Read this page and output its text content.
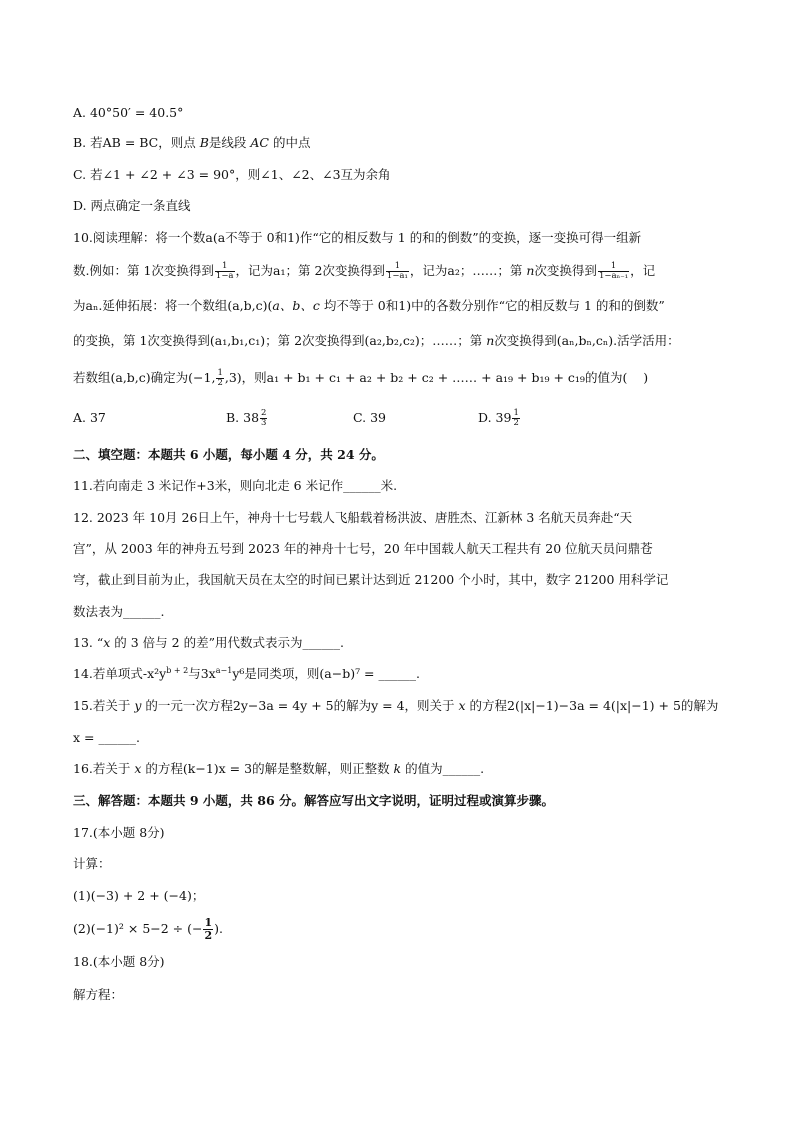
A. 40°50′ = 40.5°
B. 若AB = BC，则点 B是线段 AC 的中点
C. 若∠1 + ∠2 + ∠3 = 90°，则∠1、∠2、∠3互为余角
D. 两点确定一条直线
10.阅读理解：将一个数a(a不等于 0和1)作“它的相反数与 1 的和的倒数”的变换，逐一变换可得一组新
数.例如：第 1次变换得到 $\frac{1}{1-a}$ ，记为a₁；第 2次变换得到 $\frac{1}{\text{1−a₁}}$ ，记为a₂；……；第 n次变换得到 $\frac{1}{\text{1−aₙ₋₁}}$ ，记
为aₙ.延伸拓展：将一个数组(a,b,c)(a、b、c 均不等于 0和1)中的各数分别作“它的相反数与 1 的和的倒数”
的变换，第 1次变换得到(a₁,b₁,c₁)；第 2次变换得到(a₂,b₂,c₂)；……；第 n次变换得到(aₙ,bₙ,cₙ).活学活用：
若数组(a,b,c)确定为(−1, $\frac{1}{2} ,3$)，则a₁ + b₁ + c₁ + a₂ + b₂ + c₂ + …… + a₁₉ + b₁₉ + c₁₉的值为(    )
A. 37	B. $38 \frac{2}{3}$	C. 39	D. $39 \frac{1}{2}$
二、填空题：本题共 6 小题，每小题 4 分，共 24 分。
11.若向南走 3 米记作+3米，则向北走 6 米记作______米.
12. 2023 年 10月 26日上午，神舟十七号载人飞船载着杨洪波、唐胜杰、江新林 3 名航天员奔赴“天
宫”，从 2003 年的神舟五号到 2023 年的神舟十七号，20 年中国载人航天工程共有 20 位航天员问鼎苍
穹，截止到目前为止，我国航天员在太空的时间已累计达到近 21200 个小时，其中，数字 21200 用科学记
数法表为______.
13. “x 的 3 倍与 2 的差”用代数式表示为______.
14.若单项式$-x^2y^{b + 2}$与$3x^{a-1}y^6$是同类项，则(a−b)⁷ = ______.
15.若关于 y 的一元一次方程2y−3a = 4y + 5的解为y = 4，则关于 x 的方程2(|x|−1)−3a = 4(|x|−1) + 5的解为
x = ______.
16.若关于 x 的方程(k−1)x = 3的解是整数解，则正整数 k 的值为______.
三、解答题：本题共 9 小题，共 86 分。解答应写出文字说明，证明过程或演算步骤。
17.(本小题 8分)
计算：
(1)(−3) + 2 + (−4)；
(2)(−1)² × 5−2 ÷ (− $\frac{1}{2}$ ).
18.(本小题 8分)
解方程：
